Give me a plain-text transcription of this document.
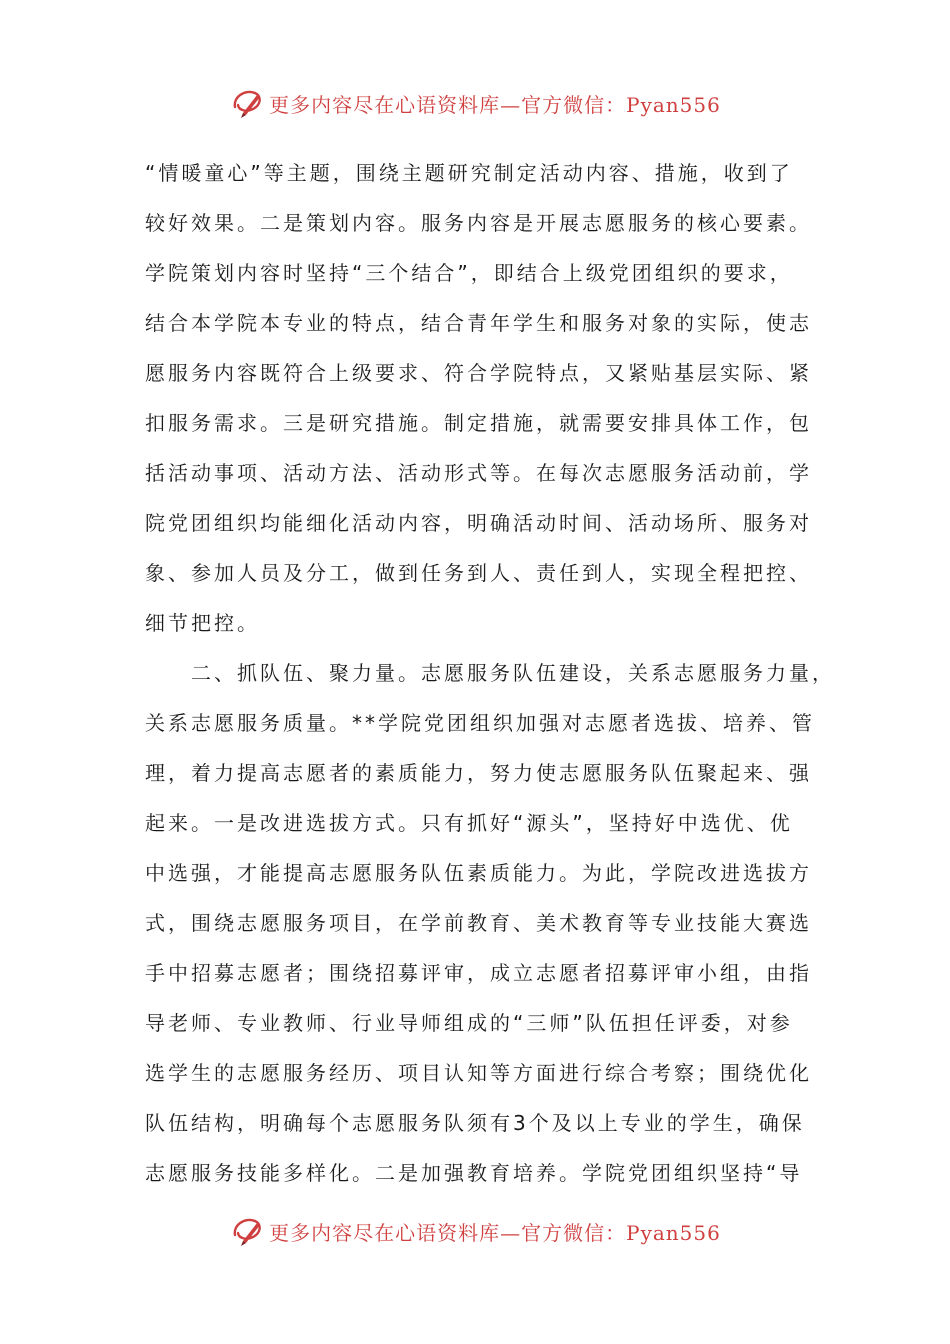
更多内容尽在心语资料库—官方微信：Pyan556
“情暖童心”等主题，围绕主题研究制定活动内容、措施，收到了
较好效果。二是策划内容。服务内容是开展志愿服务的核心要素。
学院策划内容时坚持“三个结合”，即结合上级党团组织的要求，
结合本学院本专业的特点，结合青年学生和服务对象的实际，使志
愿服务内容既符合上级要求、符合学院特点，又紧贴基层实际、紧
扣服务需求。三是研究措施。制定措施，就需要安排具体工作，包
括活动事项、活动方法、活动形式等。在每次志愿服务活动前，学
院党团组织均能细化活动内容，明确活动时间、活动场所、服务对
象、参加人员及分工，做到任务到人、责任到人，实现全程把控、
细节把控。
二、抓队伍、聚力量。志愿服务队伍建设，关系志愿服务力量，
关系志愿服务质量。**学院党团组织加强对志愿者选拔、培养、管
理，着力提高志愿者的素质能力，努力使志愿服务队伍聚起来、强
起来。一是改进选拔方式。只有抓好“源头”，坚持好中选优、优
中选强，才能提高志愿服务队伍素质能力。为此，学院改进选拔方
式，围绕志愿服务项目，在学前教育、美术教育等专业技能大赛选
手中招募志愿者；围绕招募评审，成立志愿者招募评审小组，由指
导老师、专业教师、行业导师组成的“三师”队伍担任评委，对参
选学生的志愿服务经历、项目认知等方面进行综合考察；围绕优化
队伍结构，明确每个志愿服务队须有3个及以上专业的学生，确保
志愿服务技能多样化。二是加强教育培养。学院党团组织坚持“导
更多内容尽在心语资料库—官方微信：Pyan556
